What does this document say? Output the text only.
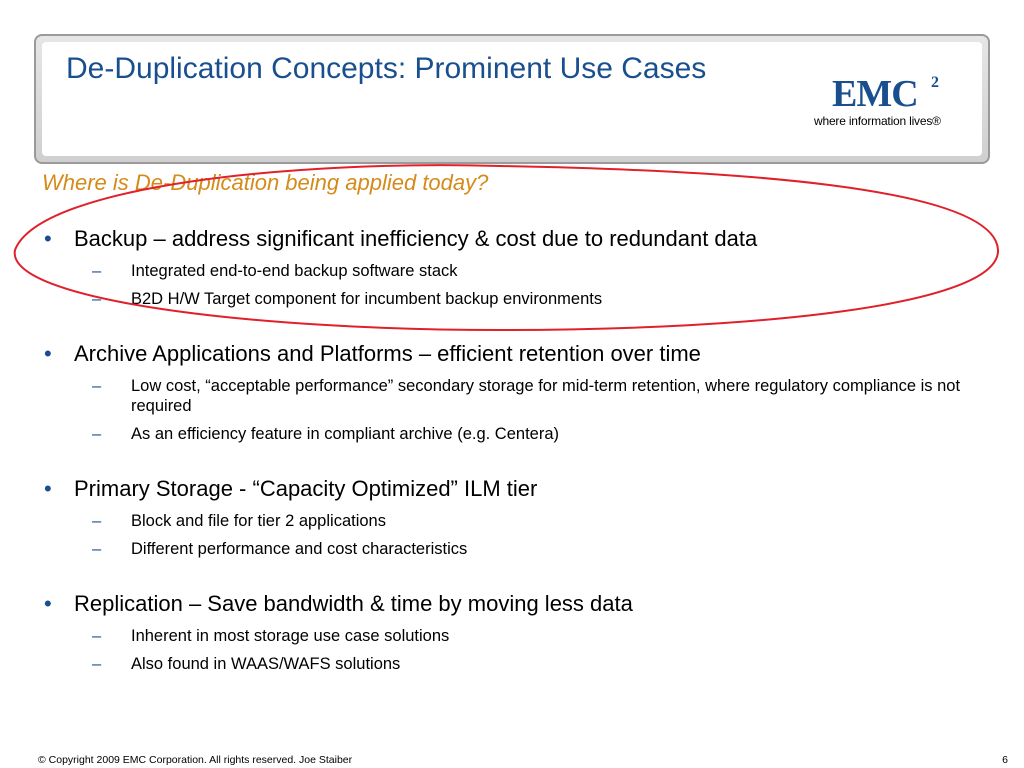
De-Duplication Concepts: Prominent Use Cases
EMC 2
where information lives®

Where is De-Duplication being applied today?

• Backup – address significant inefficiency & cost due to redundant data
– Integrated end-to-end backup software stack
– B2D H/W Target component for incumbent backup environments
• Archive Applications and Platforms – efficient retention over time
– Low cost, “acceptable performance” secondary storage for mid-term retention, where regulatory compliance is not required
– As an efficiency feature in compliant archive (e.g. Centera)
• Primary Storage - “Capacity Optimized” ILM tier
– Block and file for tier 2 applications
– Different performance and cost characteristics
• Replication – Save bandwidth & time by moving less data
– Inherent in most storage use case solutions
– Also found in WAAS/WAFS solutions
© Copyright 2009 EMC Corporation. All rights reserved. Joe Staiber	6
